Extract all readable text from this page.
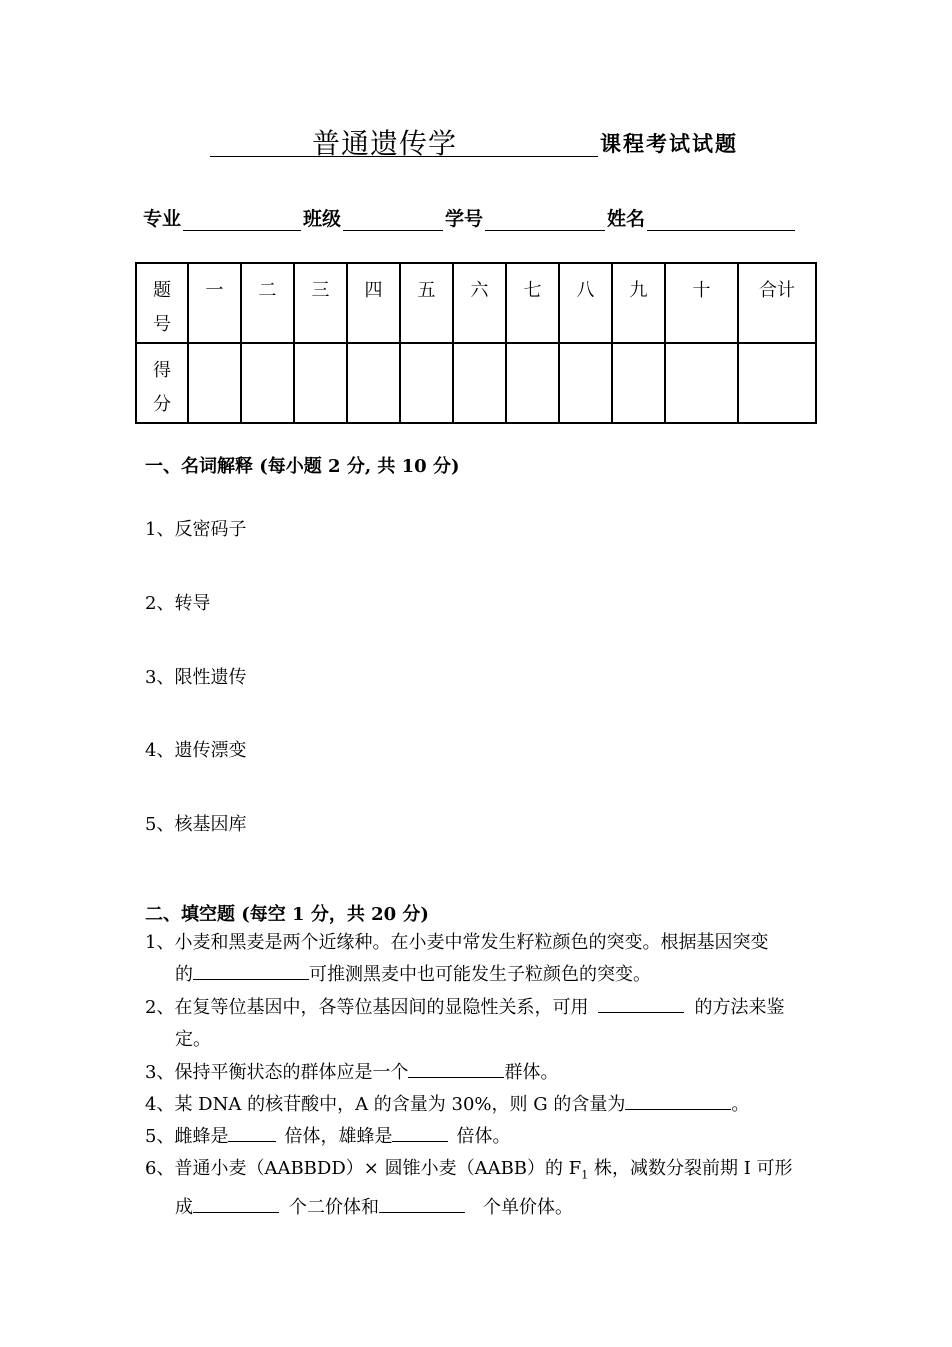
普通遗传学	课程考试试题
专业	班级	学号	姓名
题号	一	二	三	四	五	六	七	八	九	十	合计

得分											

一、名词解释 (每小题 2 分, 共 10 分)
1、反密码子
2、转导
3、限性遗传
4、遗传漂变
5、核基因库
二、填空题 (每空 1 分，共 20 分)
1、小麦和黑麦是两个近缘种。在小麦中常发生籽粒颜色的突变。根据基因突变
的	可推测黑麦中也可能发生子粒颜色的突变。
2、在复等位基因中，各等位基因间的显隐性关系，可用	的方法来鉴
定。
3、保持平衡状态的群体应是一个	群体。
4、某 DNA 的核苷酸中，A 的含量为 30%，则 G 的含量为	。
5、雌蜂是	倍体，雄蜂是	倍体。
6、普通小麦（AABBDD）× 圆锥小麦（AABB）的 $F_1$ 株，减数分裂前期 I 可形
成	个二价体和	个单价体。
